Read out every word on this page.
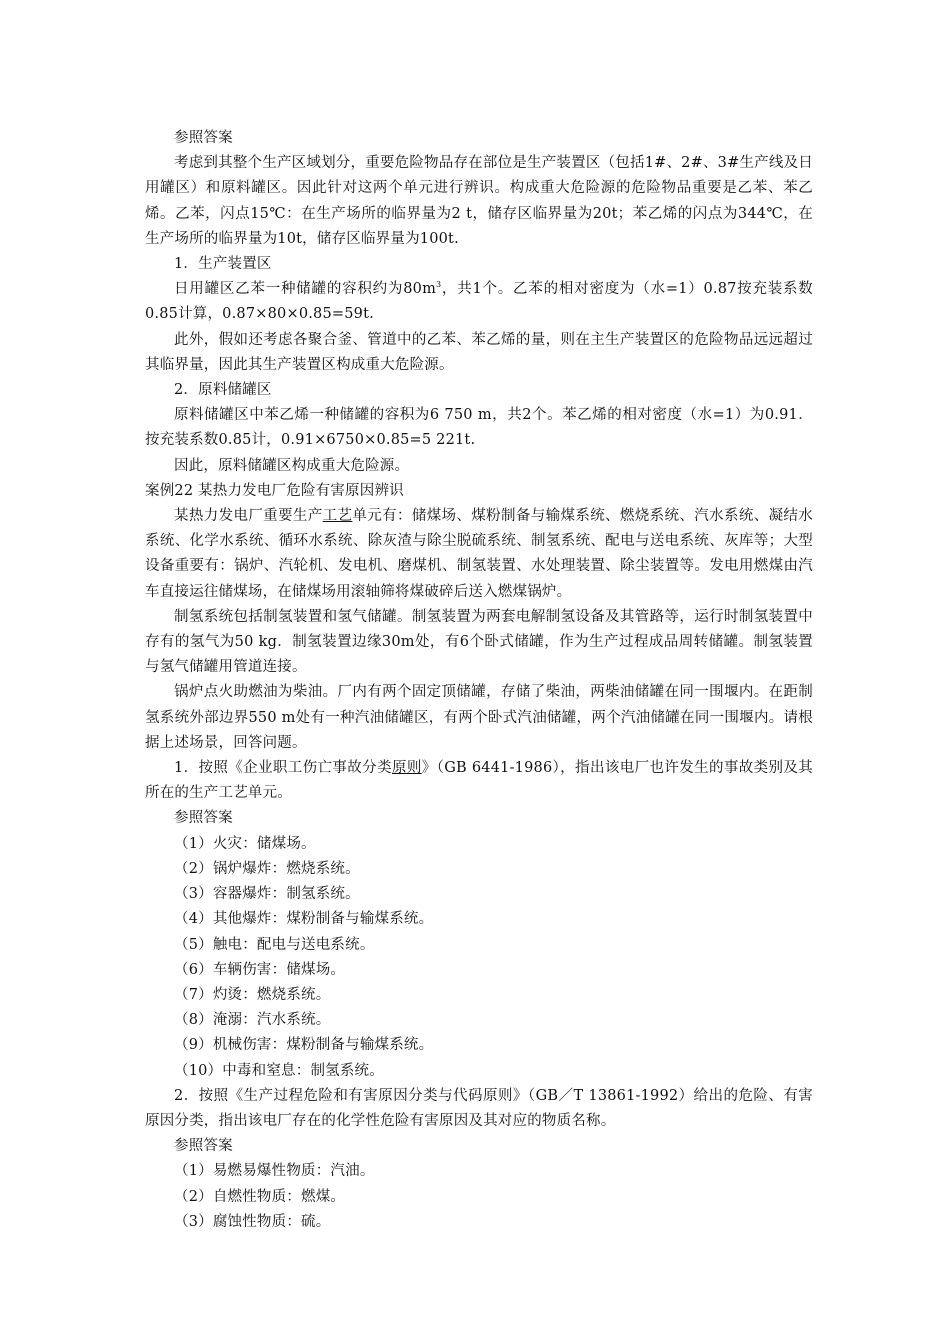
参照答案

考虑到其整个生产区域划分，重要危险物品存在部位是生产装置区（包括1#、2#、3#生产线及日用罐区）和原料罐区。因此针对这两个单元进行辨识。构成重大危险源的危险物品重要是乙苯、苯乙烯。乙苯，闪点15℃：在生产场所的临界量为2 t，储存区临界量为20t；苯乙烯的闪点为344℃，在生产场所的临界量为10t，储存区临界量为100t.

1．生产装置区

日用罐区乙苯一种储罐的容积约为$80m^3$，共1个。乙苯的相对密度为（水=1）0.87按充装系数0.85计算，0.87×80×0.85=59t.

此外，假如还考虑各聚合釜、管道中的乙苯、苯乙烯的量，则在主生产装置区的危险物品远远超过其临界量，因此其生产装置区构成重大危险源。

2．原料储罐区

原料储罐区中苯乙烯一种储罐的容积为6 750 m，共2个。苯乙烯的相对密度（水=1）为0.91．按充装系数0.85计，0.91×6750×0.85=5 221t.

因此，原料储罐区构成重大危险源。

案例22 某热力发电厂危险有害原因辨识

某热力发电厂重要生产工艺单元有：储煤场、煤粉制备与输煤系统、燃烧系统、汽水系统、凝结水系统、化学水系统、循环水系统、除灰渣与除尘脱硫系统、制氢系统、配电与送电系统、灰库等；大型设备重要有：锅炉、汽轮机、发电机、磨煤机、制氢装置、水处理装置、除尘装置等。发电用燃煤由汽车直接运往储煤场，在储煤场用滚轴筛将煤破碎后送入燃煤锅炉。

制氢系统包括制氢装置和氢气储罐。制氢装置为两套电解制氢设备及其管路等，运行时制氢装置中存有的氢气为50 kg．制氢装置边缘30m处，有6个卧式储罐，作为生产过程成品周转储罐。制氢装置与氢气储罐用管道连接。

锅炉点火助燃油为柴油。厂内有两个固定顶储罐，存储了柴油，两柴油储罐在同一围堰内。在距制氢系统外部边界550 m处有一种汽油储罐区，有两个卧式汽油储罐，两个汽油储罐在同一围堰内。请根据上述场景，回答问题。

1．按照《企业职工伤亡事故分类原则》（GB 6441-1986），指出该电厂也许发生的事故类别及其所在的生产工艺单元。

参照答案

（1）火灾：储煤场。

（2）锅炉爆炸：燃烧系统。

（3）容器爆炸：制氢系统。

（4）其他爆炸：煤粉制备与输煤系统。

（5）触电：配电与送电系统。

（6）车辆伤害：储煤场。

（7）灼烫：燃烧系统。

（8）淹溺：汽水系统。

（9）机械伤害：煤粉制备与输煤系统。

（10）中毒和窒息：制氢系统。

2．按照《生产过程危险和有害原因分类与代码原则》（GB／T 13861-1992）给出的危险、有害原因分类，指出该电厂存在的化学性危险有害原因及其对应的物质名称。

参照答案

（1）易燃易爆性物质：汽油。

（2）自燃性物质：燃煤。

（3）腐蚀性物质：硫。
